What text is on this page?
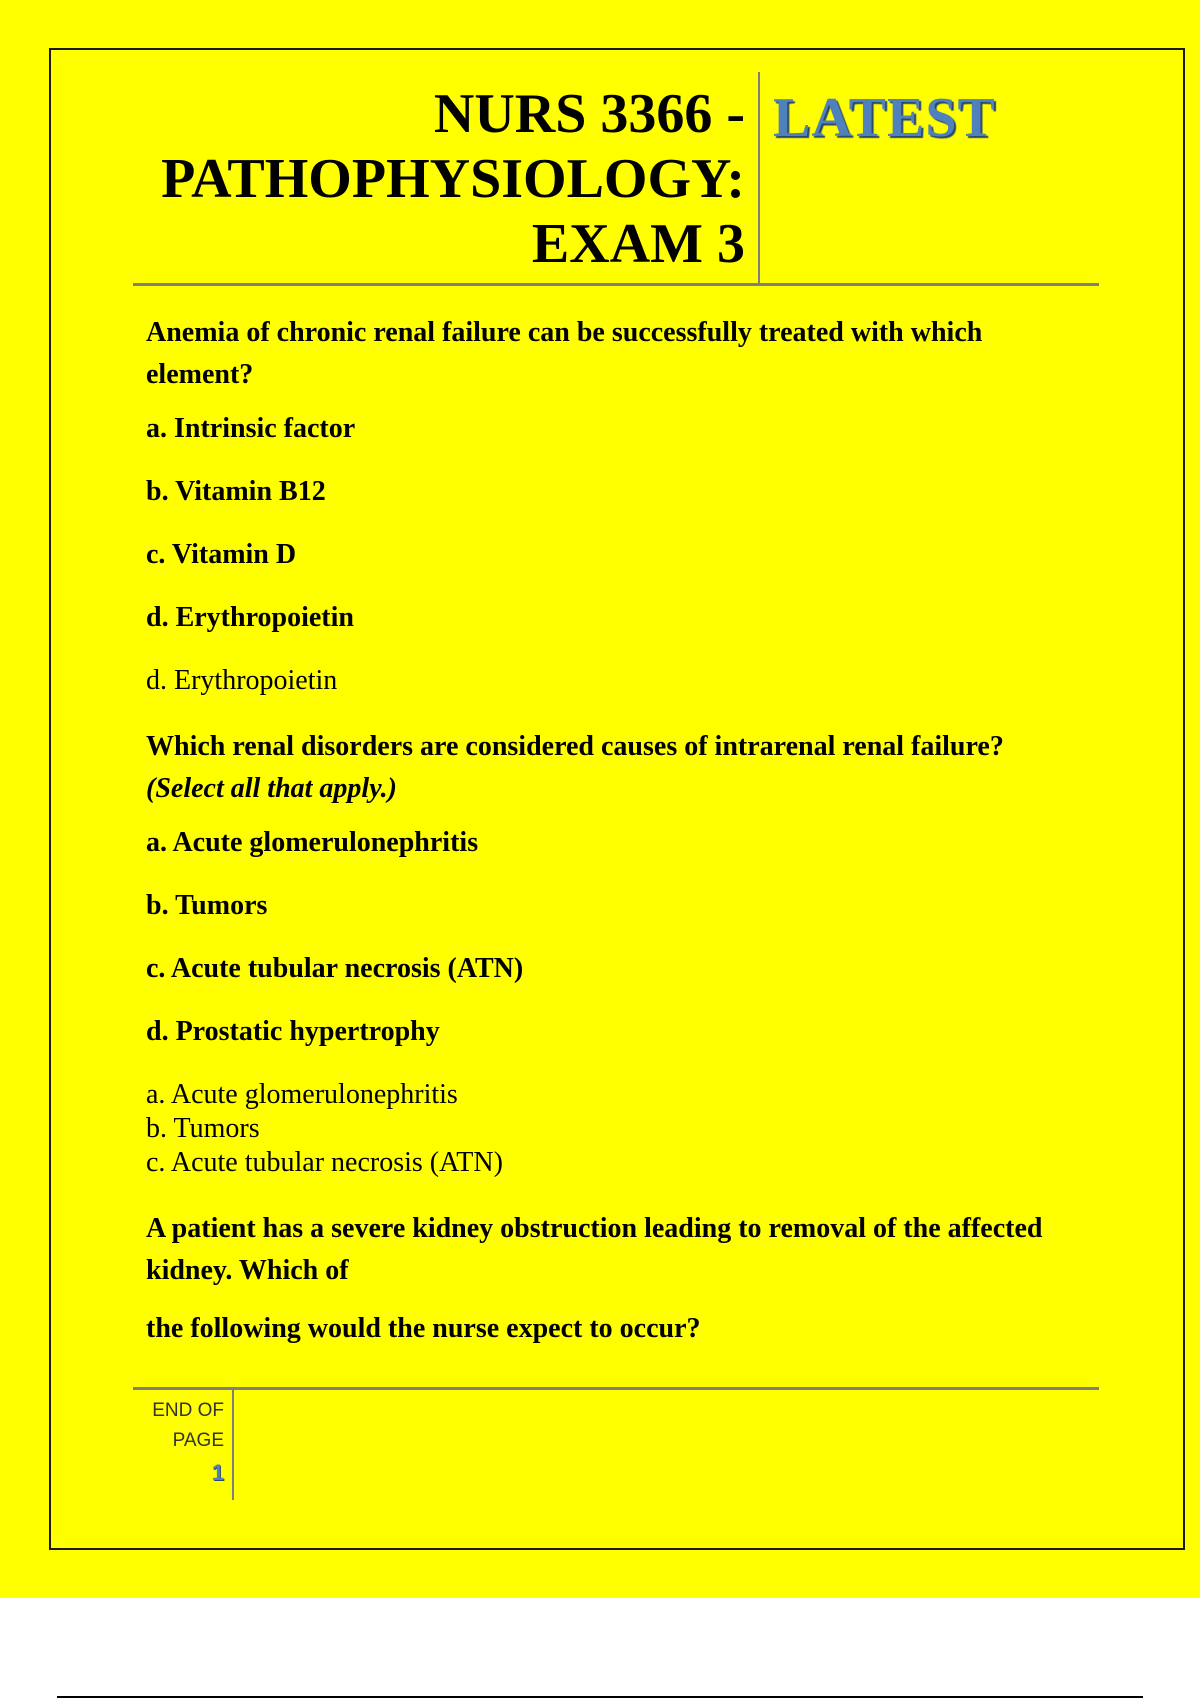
NURS 3366 -
PATHOPHYSIOLOGY:
EXAM 3
LATEST

Anemia of chronic renal failure can be successfully treated with which element?

a. Intrinsic factor

b. Vitamin B12

c. Vitamin D

d. Erythropoietin

d. Erythropoietin

Which renal disorders are considered causes of intrarenal renal failure? (Select all that apply.)

a. Acute glomerulonephritis

b. Tumors

c. Acute tubular necrosis (ATN)

d. Prostatic hypertrophy

a. Acute glomerulonephritis

b. Tumors

c. Acute tubular necrosis (ATN)

A patient has a severe kidney obstruction leading to removal of the affected kidney. Which of

the following would the nurse expect to occur?

END OF
PAGE
1
